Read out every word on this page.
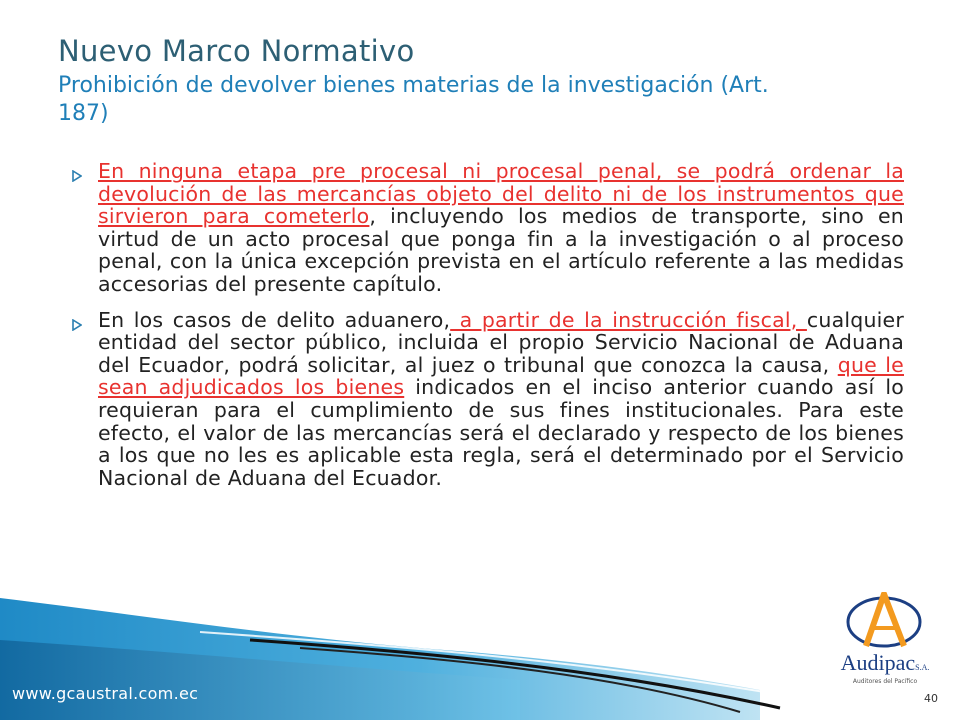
Nuevo Marco Normativo
Prohibición de devolver bienes materias de la investigación (Art.
187)
En ninguna etapa pre procesal ni procesal penal, se podrá ordenar la devolución de las mercancías objeto del delito ni de los instrumentos que sirvieron para cometerlo, incluyendo los medios de transporte, sino en virtud de un acto procesal que ponga fin a la investigación o al proceso penal, con la única excepción prevista en el artículo referente a las medidas accesorias del presente capítulo.
En los casos de delito aduanero, a partir de la instrucción fiscal, cualquier entidad del sector público, incluida el propio Servicio Nacional de Aduana del Ecuador, podrá solicitar, al juez o tribunal que conozca la causa, que le sean adjudicados los bienes indicados en el inciso anterior cuando así lo requieran para el cumplimiento de sus fines institucionales. Para este efecto, el valor de las mercancías será el declarado y respecto de los bienes a los que no les es aplicable esta regla, será el determinado por el Servicio Nacional de Aduana del Ecuador.
AudipacS.A.
Auditores del Pacífico
www.gcaustral.com.ec	40
